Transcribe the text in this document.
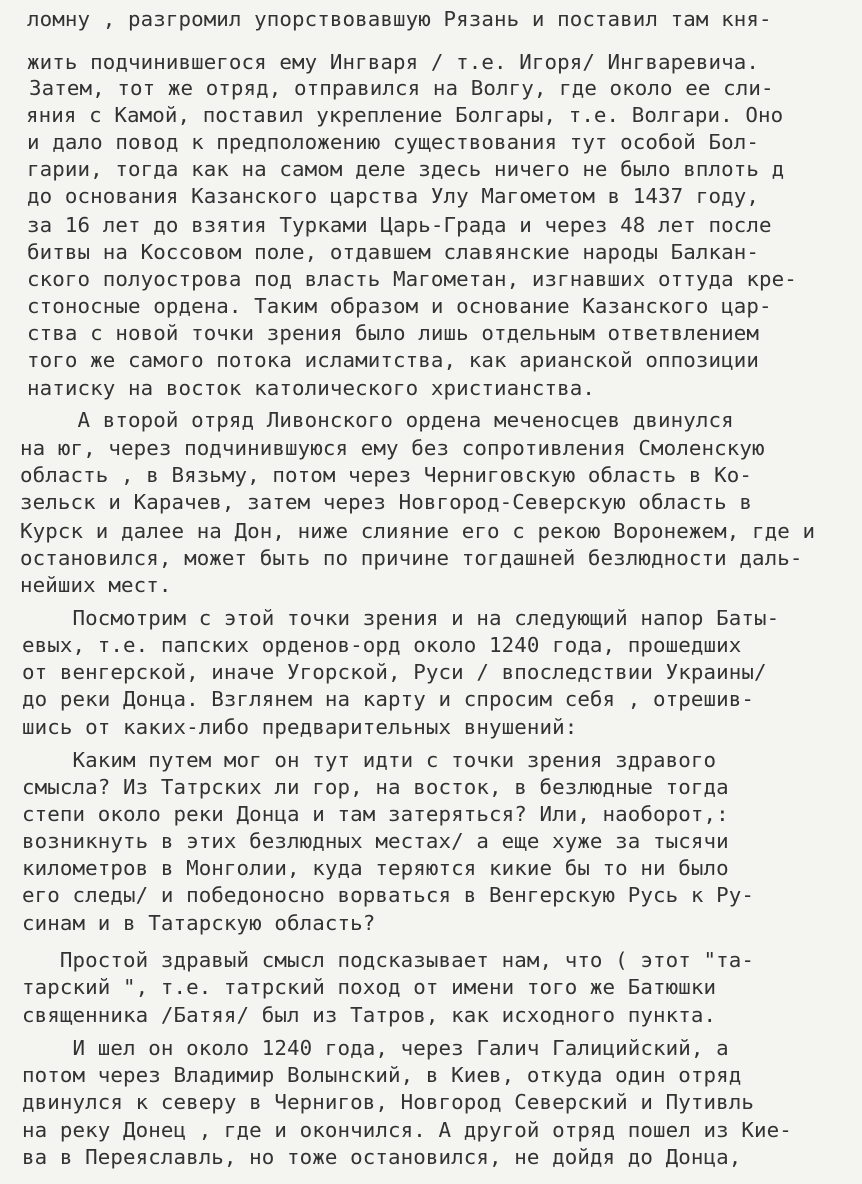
ломну , разгромил упорствовавшую Рязань и поставил там кня-
жить подчинившегося ему Ингваря / т.е. Игоря/ Ингваревича.
Затем, тот же отряд, отправился на Волгу, где около ее сли-
яния с Камой, поставил укрепление Болгары, т.е. Волгари. Оно
и дало повод к предположению существования тут особой Бол-
гарии, тогда как на самом деле здесь ничего не было вплоть д
до основания Казанского царства Улу Магометом в 1437 году,
за 16 лет до взятия Турками Царь-Града и через 48 лет после
битвы на Коссовом поле, отдавшем славянские народы Балкан-
ского полуострова под власть Магометан, изгнавших оттуда кре-
стоносные ордена. Таким образом и основание Казанского цар-
ства с новой точки зрения было лишь отдельным ответвлением
того же самого потока исламитства, как арианской оппозиции
натиску на восток католического христианства.
А второй отряд Ливонского ордена меченосцев двинулся
на юг, через подчинившуюся ему без сопротивления Смоленскую
область , в Вязьму, потом через Черниговскую область в Ко-
зельск и Карачев, затем через Новгород-Северскую область в
Курск и далее на Дон, ниже слияние его с рекою Воронежем, где и
остановился, может быть по причине тогдашней безлюдности даль-
нейших мест.
Посмотрим с этой точки зрения и на следующий напор Баты-
евых, т.е. папских орденов-орд около 1240 года, прошедших
от венгерской, иначе Угорской, Руси / впоследствии Украины/
до реки Донца. Взглянем на карту и спросим себя , отрешив-
шись от каких-либо предварительных внушений:
Каким путем мог он тут идти с точки зрения здравого
смысла? Из Татрских ли гор, на восток, в безлюдные тогда
степи около реки Донца и там затеряться? Или, наоборот,:
возникнуть в этих безлюдных местах/ а еще хуже за тысячи
километров в Монголии, куда теряются кикие бы то ни было
его следы/ и победоносно ворваться в Венгерскую Русь к Ру-
синам и в Татарскую область?
Простой здравый смысл подсказывает нам, что ( этот "та-
тарский ", т.е. татрский поход от имени того же Батюшки
священника /Батяя/ был из Татров, как исходного пункта.
И шел он около 1240 года, через Галич Галицийский, а
потом через Владимир Волынский, в Киев, откуда один отряд
двинулся к северу в Чернигов, Новгород Северский и Путивль
на реку Донец , где и окончился. А другой отряд пошел из Кие-
ва в Переяславль, но тоже остановился, не дойдя до Донца,
